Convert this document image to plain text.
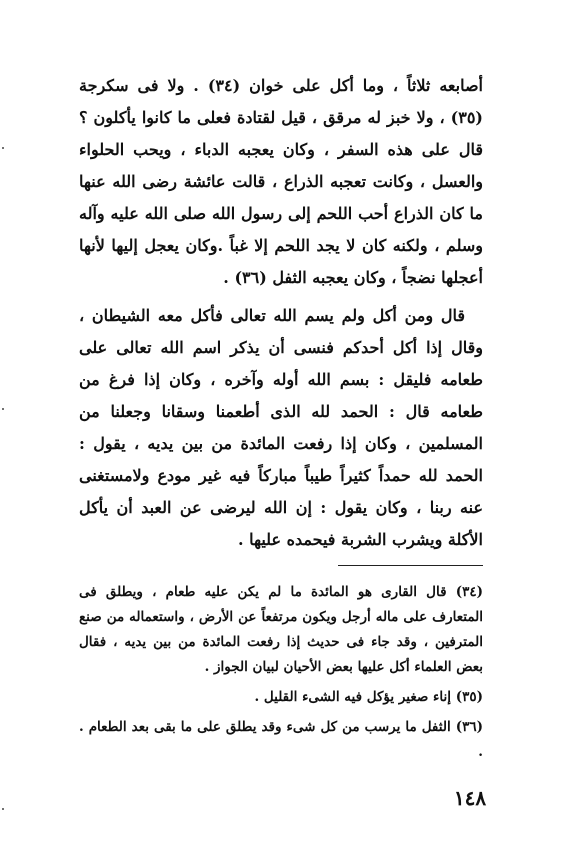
أصابعه ثلاثاً ، وما أكل على خوان (٣٤) . ولا فى سكرجة (٣٥) ، ولا خبز له مرقق ، قيل لقتادة فعلى ما كانوا يأكلون ؟ قال على هذه السفر ، وكان يعجبه الدباء ، ويحب الحلواء والعسل ، وكانت تعجبه الذراع ، قالت عائشة رضى الله عنها ما كان الذراع أحب اللحم إلى رسول الله صلى الله عليه وآله وسلم ، ولكنه كان لا يجد اللحم إلا غباً .وكان يعجل إليها لأنها أعجلها نضجاً ، وكان يعجبه الثفل (٣٦) .

قال ومن أكل ولم يسم الله تعالى فأكل معه الشيطان ، وقال إذا أكل أحدكم فنسى أن يذكر اسم الله تعالى على طعامه فليقل : بسم الله أوله وآخره ، وكان إذا فرغ من طعامه قال : الحمد لله الذى أطعمنا وسقانا وجعلنا من المسلمين ، وكان إذا رفعت المائدة من بين يديه ، يقول : الحمد لله حمداً كثيراً طيباً مباركاً فيه غير مودع ولامستغنى عنه ربنا ، وكان يقول : إن الله ليرضى عن العبد أن يأكل الأكلة ويشرب الشربة فيحمده عليها .

(٣٤) قال القارى هو المائدة ما لم يكن عليه طعام ، ويطلق فى المتعارف على ماله أرجل ويكون مرتفعاً عن الأرض ، واستعماله من صنع المترفين ، وقد جاء فى حديث إذا رفعت المائدة من بين يديه ، فقال بعض العلماء أكل عليها بعض الأحيان لبيان الجواز .

(٣٥) إناء صغير يؤكل فيه الشىء القليل .

(٣٦) الثفل ما يرسب من كل شىء وقد يطلق على ما بقى بعد الطعام . .

١٤٨
